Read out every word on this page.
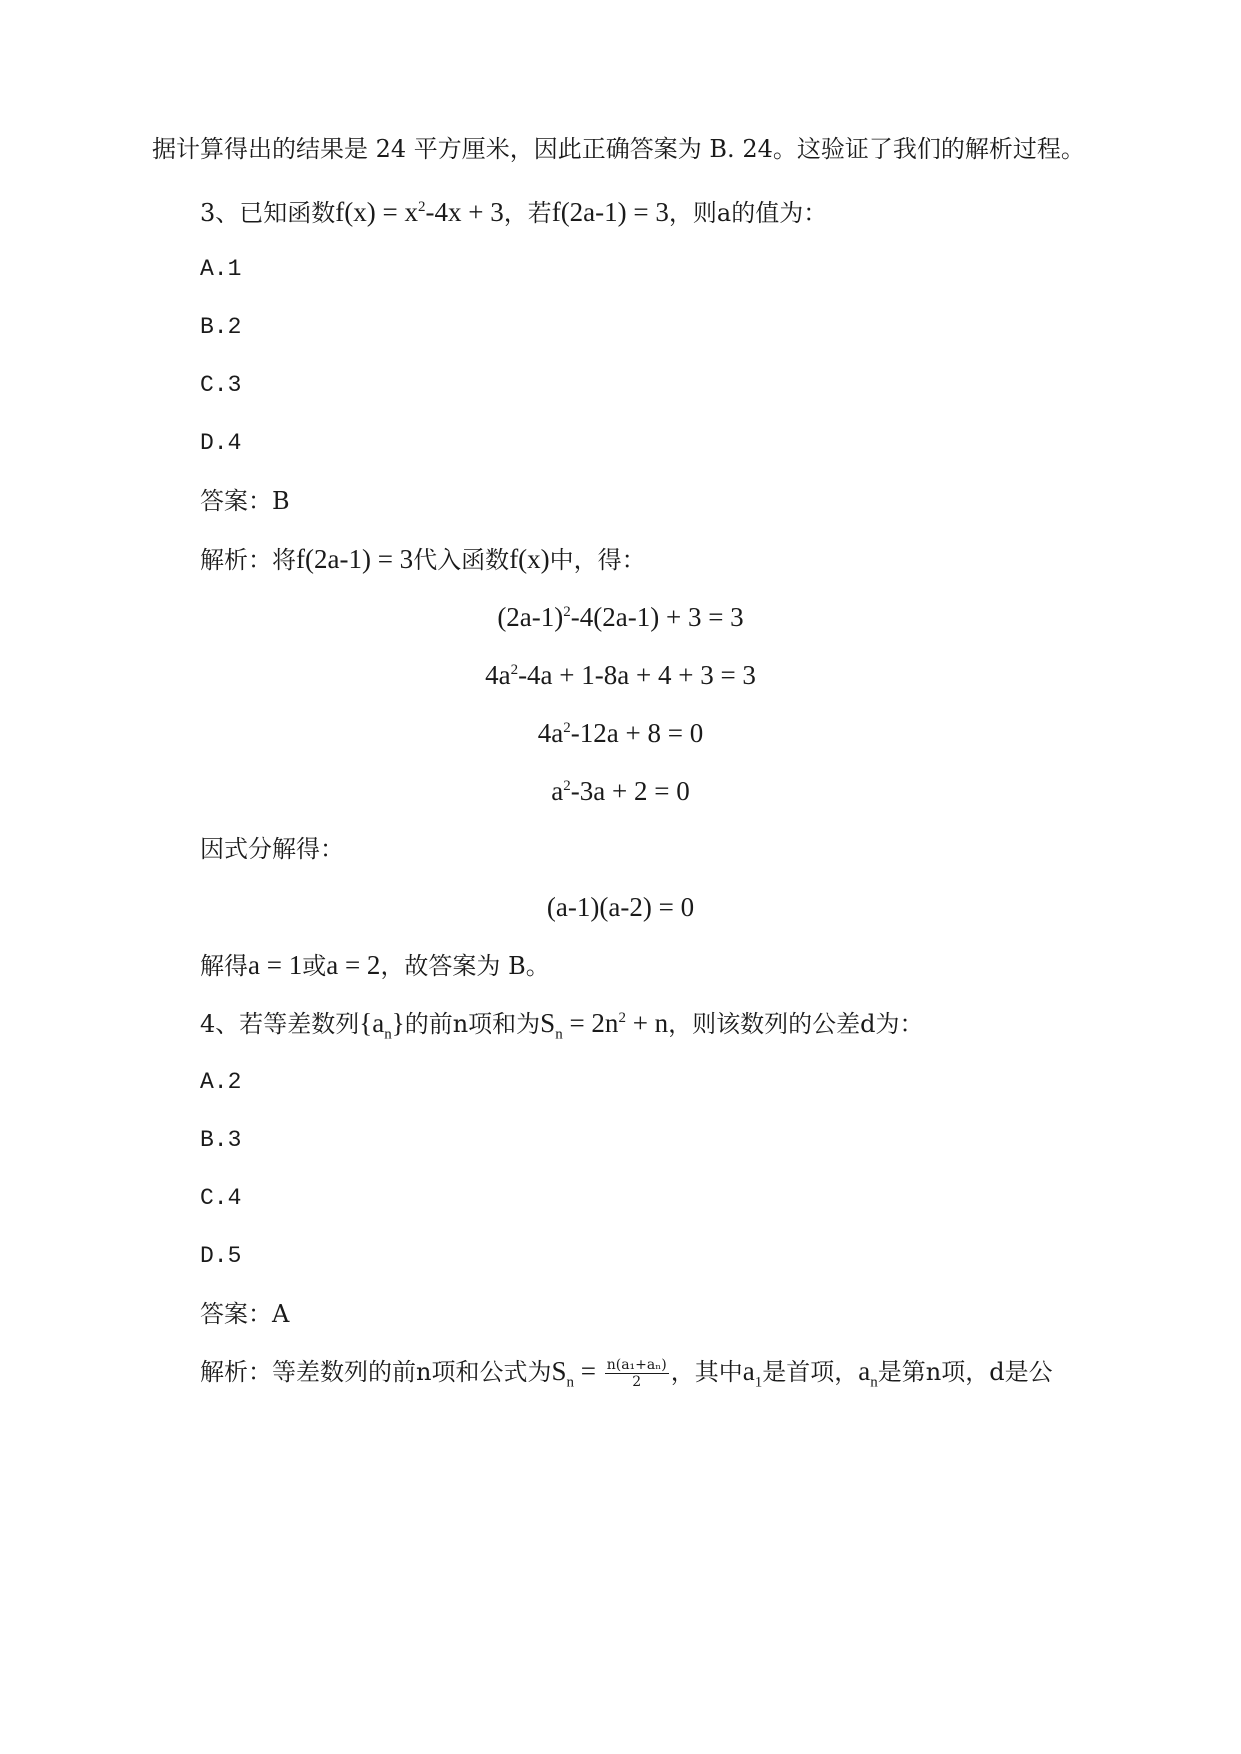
据计算得出的结果是 24 平方厘米，因此正确答案为 B. 24。这验证了我们的解析过程。
3、已知函数$f(x) = x^2-4x + 3$，若f(2a-1) = 3，则a的值为：
A.1
B.2
C.3
D.4
答案：B
解析：将f(2a-1) = 3代入函数f(x)中，得：
$(2a-1)^2-4(2a-1) + 3 = 3$
$4a^2-4a + 1-8a + 4 + 3 = 3$
$4a^2-12a + 8 = 0$
$a^2-3a + 2 = 0$
因式分解得：
(a-1)(a-2) = 0
解得a = 1或a = 2，故答案为 B。
4、若等差数列$\{a_n\}$的前n项和为$S_n = 2n^2 + n$，则该数列的公差d为：
A.2
B.3
C.4
D.5
答案：A
解析：等差数列的前n项和公式为$S_n = \frac{\text{n(a₁+aₙ)}}{2}$ ，其中$a_1$是首项，$a_n$是第n项，d是公
